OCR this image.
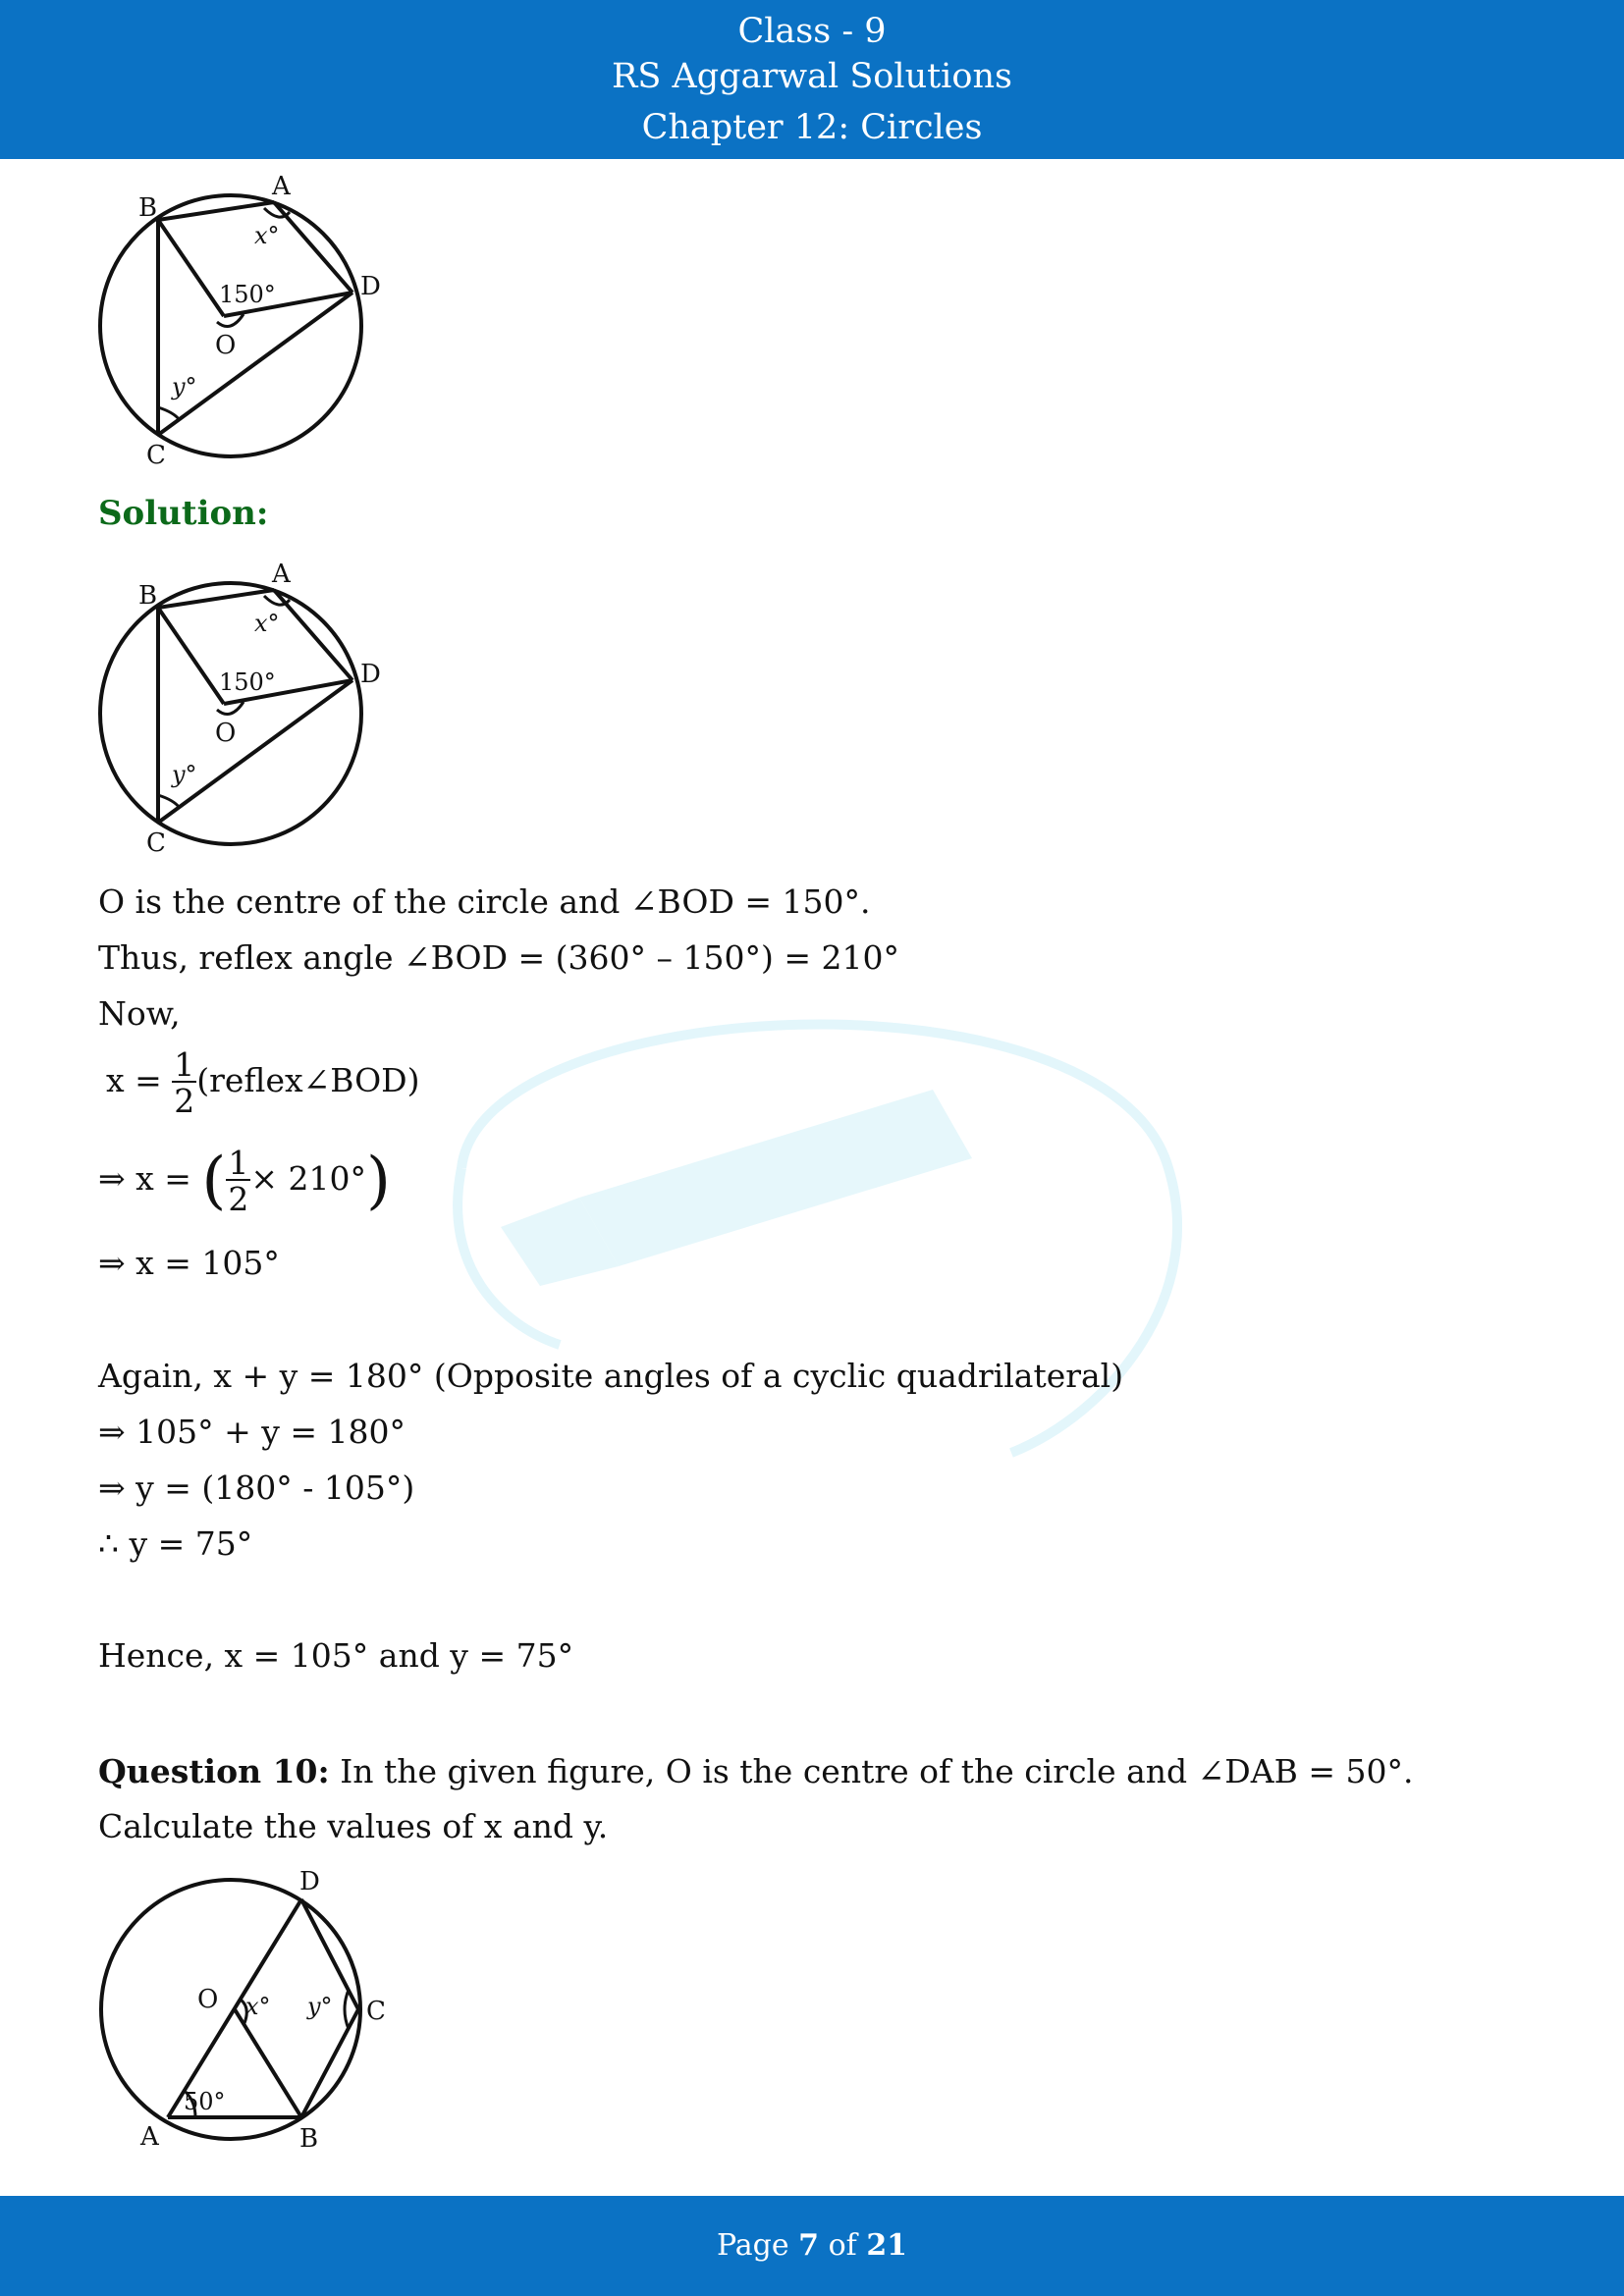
Class - 9
RS Aggarwal Solutions
Chapter 12: Circles
B
A
D
O
C
x°
y°
150°
Solution:
B
A
D
O
C
x°
y°
150°
O is the centre of the circle and ∠BOD = 150°.
Thus, reflex angle ∠BOD = (360° – 150°) = 210°
Now,
$x = \frac{1}{2}$ (reflex∠BOD)
⇒ x = ( $\frac{1}{2} \times 210^\circ$)
⇒ x = 105°
Again, x + y = 180° (Opposite angles of a cyclic quadrilateral)
⇒ 105° + y = 180°
⇒ y = (180° - 105°)
∴ y = 75°
Hence, x = 105° and y = 75°
Question 10: In the given figure, O is the centre of the circle and ∠DAB = 50°. Calculate the values of x and y.
D
O x° y° C
A	B
50°
Page 7 of 21
